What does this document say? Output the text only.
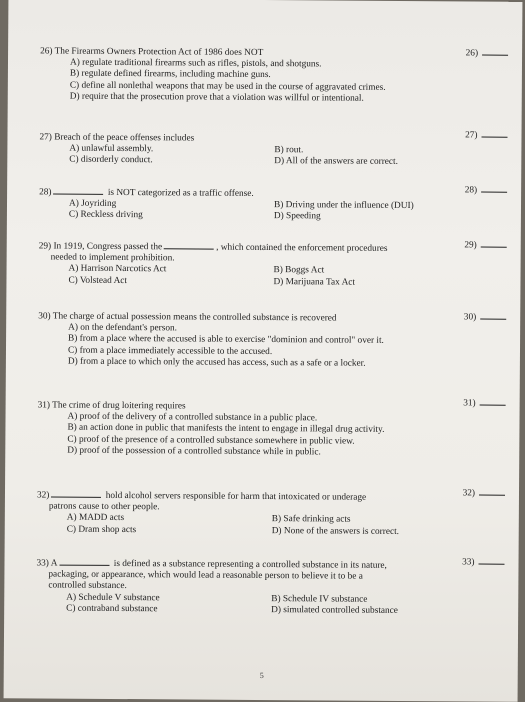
26) The Firearms Owners Protection Act of 1986 does NOT
A) regulate traditional firearms such as rifles, pistols, and shotguns.
B) regulate defined firearms, including machine guns.
C) define all nonlethal weapons that may be used in the course of aggravated crimes.
D) require that the prosecution prove that a violation was willful or intentional.
26)
27) Breach of the peace offenses includes
A) unlawful assembly.	B) rout.
C) disorderly conduct.	D) All of the answers are correct.
27)
28)	is NOT categorized as a traffic offense.
A) Joyriding	B) Driving under the influence (DUI)
C) Reckless driving	D) Speeding
28)
29) In 1919, Congress passed the	, which contained the enforcement procedures
needed to implement prohibition.
A) Harrison Narcotics Act	B) Boggs Act
C) Volstead Act	D) Marijuana Tax Act
29)
30) The charge of actual possession means the controlled substance is recovered
A) on the defendant's person.
B) from a place where the accused is able to exercise "dominion and control" over it.
C) from a place immediately accessible to the accused.
D) from a place to which only the accused has access, such as a safe or a locker.
30)
31) The crime of drug loitering requires
A) proof of the delivery of a controlled substance in a public place.
B) an action done in public that manifests the intent to engage in illegal drug activity.
C) proof of the presence of a controlled substance somewhere in public view.
D) proof of the possession of a controlled substance while in public.
31)
32)	hold alcohol servers responsible for harm that intoxicated or underage
patrons cause to other people.
A) MADD acts	B) Safe drinking acts
C) Dram shop acts	D) None of the answers is correct.
32)
33) A	is defined as a substance representing a controlled substance in its nature,
packaging, or appearance, which would lead a reasonable person to believe it to be a
controlled substance.
A) Schedule V substance	B) Schedule IV substance
C) contraband substance	D) simulated controlled substance
33)
5
